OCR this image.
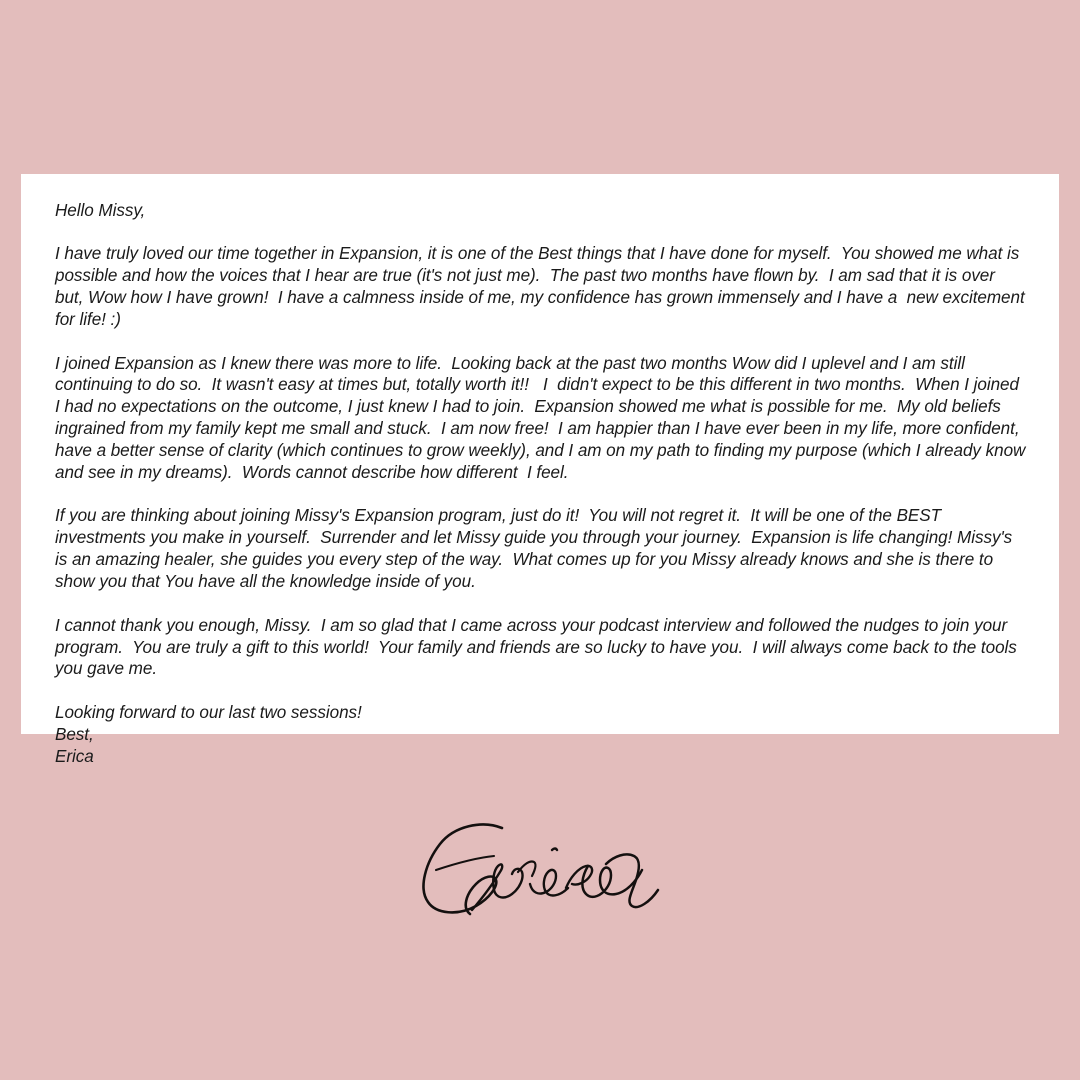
Hello Missy,

I have truly loved our time together in Expansion, it is one of the Best things that I have done for myself.  You showed me what is possible and how the voices that I hear are true (it's not just me).  The past two months have flown by.  I am sad that it is over but, Wow how I have grown!  I have a calmness inside of me, my confidence has grown immensely and I have a  new excitement for life! :)

I joined Expansion as I knew there was more to life.  Looking back at the past two months Wow did I uplevel and I am still continuing to do so.  It wasn't easy at times but, totally worth it!!   I  didn't expect to be this different in two months.  When I joined I had no expectations on the outcome, I just knew I had to join.  Expansion showed me what is possible for me.  My old beliefs ingrained from my family kept me small and stuck.  I am now free!  I am happier than I have ever been in my life, more confident, have a better sense of clarity (which continues to grow weekly), and I am on my path to finding my purpose (which I already know and see in my dreams).  Words cannot describe how different  I feel.

If you are thinking about joining Missy's Expansion program, just do it!  You will not regret it.  It will be one of the BEST investments you make in yourself.  Surrender and let Missy guide you through your journey.  Expansion is life changing! Missy's is an amazing healer, she guides you every step of the way.  What comes up for you Missy already knows and she is there to show you that You have all the knowledge inside of you.

I cannot thank you enough, Missy.  I am so glad that I came across your podcast interview and followed the nudges to join your program.  You are truly a gift to this world!  Your family and friends are so lucky to have you.  I will always come back to the tools you gave me.

Looking forward to our last two sessions!

Best,

Erica
